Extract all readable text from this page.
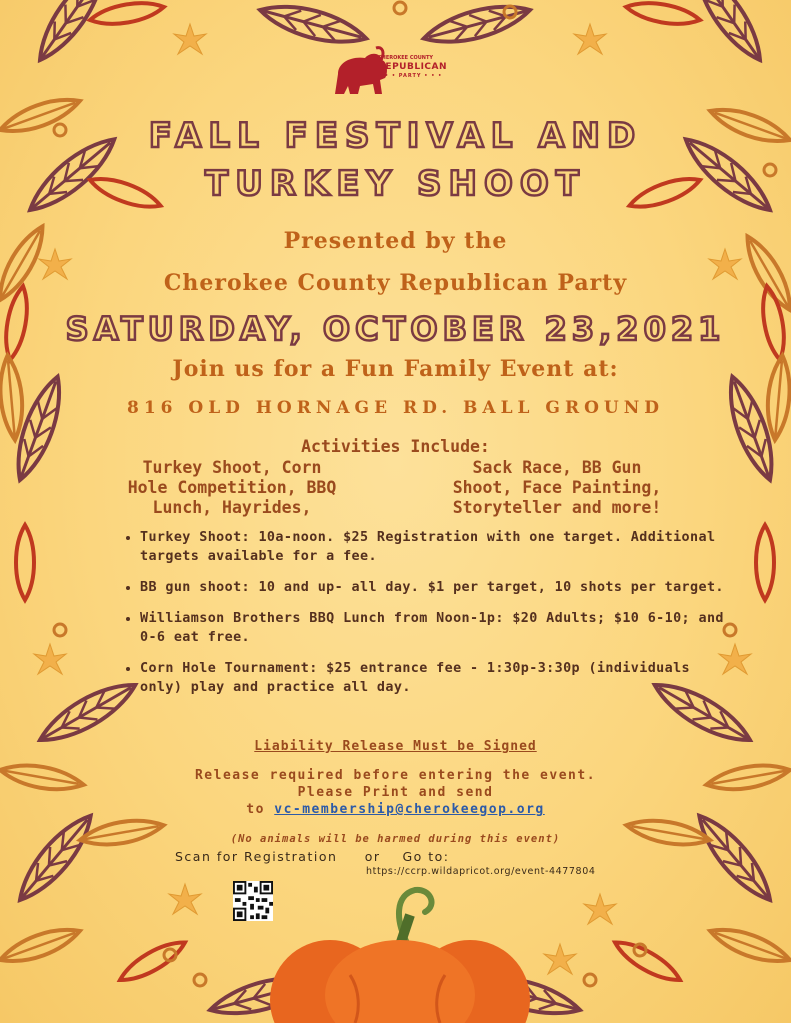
CHEROKEE COUNTY
REPUBLICAN
• • • PARTY • • •
FALL FESTIVAL AND
TURKEY SHOOT
Presented by the
Cherokee County Republican Party
SATURDAY, OCTOBER 23,2021
Join us for a Fun Family Event at:
816 OLD HORNAGE RD. BALL GROUND
Activities Include:
Turkey Shoot, Corn
Hole Competition, BBQ
Lunch, Hayrides,
Sack Race, BB Gun
Shoot, Face Painting,
Storyteller and more!
• Turkey Shoot: 10a-noon. $25 Registration with one target. Additional targets available for a fee.
• BB gun shoot: 10 and up- all day. $1 per target, 10 shots per target.
• Williamson Brothers BBQ Lunch from Noon-1p: $20 Adults; $10 6-10; and 0-6 eat free.
• Corn Hole Tournament: $25 entrance fee - 1:30p-3:30p (individuals only) play and practice all day.
Liability Release Must be Signed
Release required before entering the event.
Please Print and send
to vc-membership@cherokeegop.org
(No animals will be harmed during this event)
Scan for Registration     or    Go to:
https://ccrp.wildapricot.org/event-4477804
